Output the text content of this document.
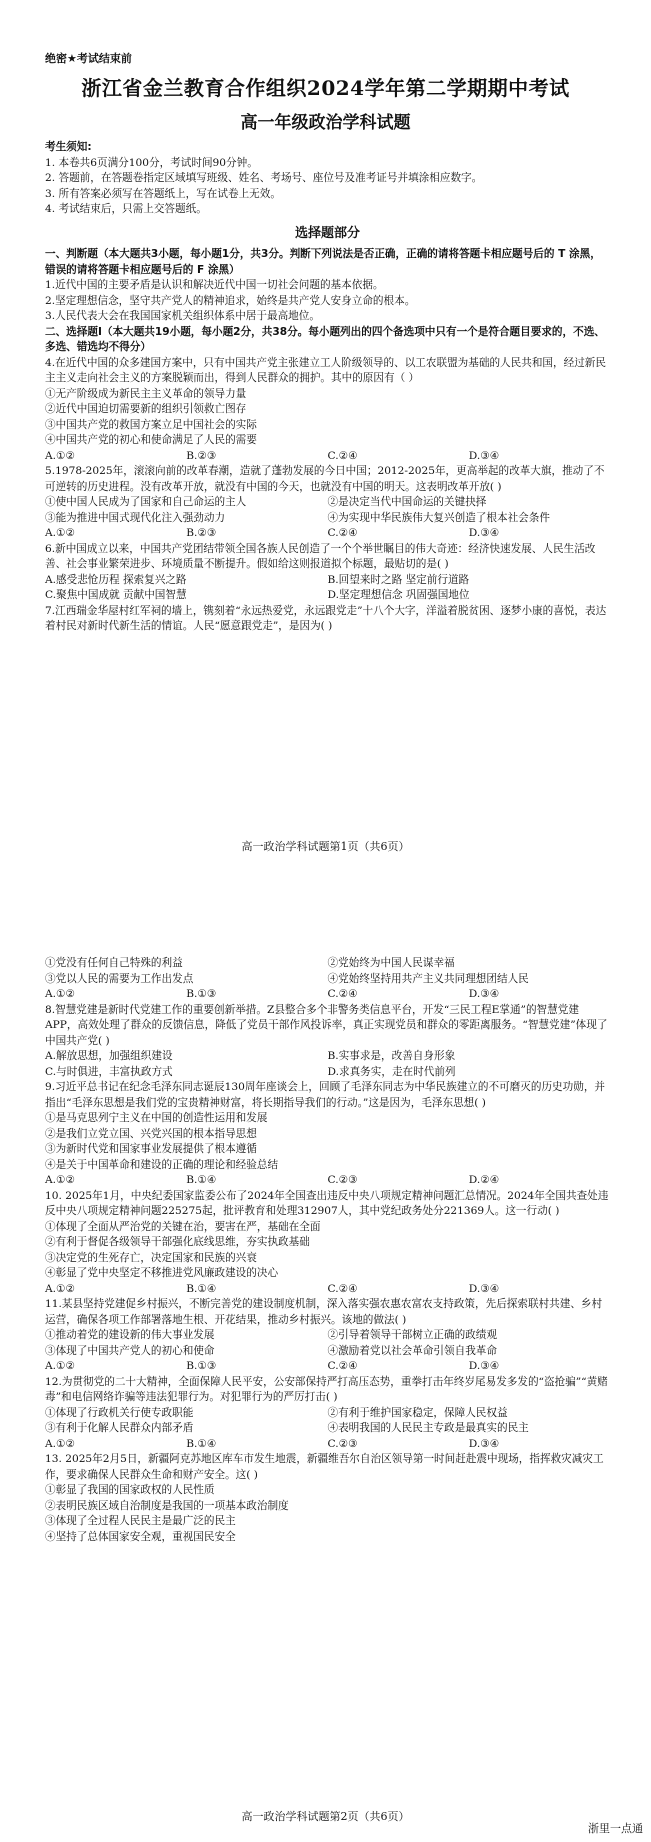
绝密★考试结束前
浙江省金兰教育合作组织2024学年第二学期期中考试
高一年级政治学科试题

考生须知:

1. 本卷共6页满分100分，考试时间90分钟。

2. 答题前，在答题卷指定区域填写班级、姓名、考场号、座位号及准考证号并填涂相应数字。

3. 所有答案必须写在答题纸上，写在试卷上无效。

4. 考试结束后，只需上交答题纸。

选择题部分

一、判断题（本大题共3小题，每小题1分，共3分。判断下列说法是否正确，正确的请将答题卡相应题号后的 T 涂黑，错误的请将答题卡相应题号后的 F 涂黑）

1.近代中国的主要矛盾是认识和解决近代中国一切社会问题的基本依据。

2.坚定理想信念，坚守共产党人的精神追求，始终是共产党人安身立命的根本。

3.人民代表大会在我国国家机关组织体系中居于最高地位。

二、选择题Ⅰ（本大题共19小题，每小题2分，共38分。每小题列出的四个备选项中只有一个是符合题目要求的，不选、多选、错选均不得分）

4.在近代中国的众多建国方案中，只有中国共产党主张建立工人阶级领导的、以工农联盟为基础的人民共和国，经过新民主主义走向社会主义的方案脱颖而出，得到人民群众的拥护。其中的原因有（ ）

①无产阶级成为新民主主义革命的领导力量

②近代中国迫切需要新的组织引领救亡图存

③中国共产党的救国方案立足中国社会的实际

④中国共产党的初心和使命满足了人民的需要

A.①②	B.②③	C.②④	D.③④

5.1978-2025年，滚滚向前的改革春潮，造就了蓬勃发展的今日中国；2012-2025年，更高举起的改革大旗，推动了不可逆转的历史进程。没有改革开放，就没有中国的今天，也就没有中国的明天。这表明改革开放( )

①使中国人民成为了国家和自己命运的主人	②是决定当代中国命运的关键抉择
③能为推进中国式现代化注入强劲动力	④为实现中华民族伟大复兴创造了根本社会条件
A.①②	B.②③	C.②④	D.③④

6.新中国成立以来，中国共产党团结带领全国各族人民创造了一个个举世瞩目的伟大奇迹：经济快速发展、人民生活改善、社会事业繁荣进步、环境质量不断提升。假如给这则报道拟个标题，最贴切的是( )

A.感受悲怆历程 探索复兴之路	B.回望来时之路 坚定前行道路
C.聚焦中国成就 贡献中国智慧	D.坚定理想信念 巩固强国地位

7.江西瑞金华屋村红军祠的墙上，镌刻着“永远热爱党，永远跟党走”十八个大字，洋溢着脱贫困、逐梦小康的喜悦，表达着村民对新时代新生活的情谊。人民“愿意跟党走”，是因为( )

高一政治学科试题第1页（共6页）
①党没有任何自己特殊的利益	②党始终为中国人民谋幸福
③党以人民的需要为工作出发点	④党始终坚持用共产主义共同理想团结人民
A.①②	B.①③	C.②④	D.③④

8.智慧党建是新时代党建工作的重要创新举措。Z县整合多个非警务类信息平台，开发“三民工程E掌通”的智慧党建APP，高效处理了群众的反馈信息，降低了党员干部作风投诉率，真正实现党员和群众的零距离服务。“智慧党建”体现了中国共产党( )

A.解放思想，加强组织建设	B.实事求是，改善自身形象
C.与时俱进，丰富执政方式	D.求真务实，走在时代前列

9.习近平总书记在纪念毛泽东同志诞辰130周年座谈会上，回顾了毛泽东同志为中华民族建立的不可磨灭的历史功勋，并指出“毛泽东思想是我们党的宝贵精神财富，将长期指导我们的行动。”这是因为，毛泽东思想( )

①是马克思列宁主义在中国的创造性运用和发展

②是我们立党立国、兴党兴国的根本指导思想

③为新时代党和国家事业发展提供了根本遵循

④是关于中国革命和建设的正确的理论和经验总结

A.①②	B.①④	C.②③	D.②④

10. 2025年1月，中央纪委国家监委公布了2024年全国查出违反中央八项规定精神问题汇总情况。2024年全国共查处违反中央八项规定精神问题225275起，批评教育和处理312907人，其中党纪政务处分221369人。这一行动( )

①体现了全面从严治党的关键在治，要害在严，基础在全面

②有利于督促各级领导干部强化底线思维，夯实执政基础

③决定党的生死存亡，决定国家和民族的兴衰

④彰显了党中央坚定不移推进党风廉政建设的决心

A.①②	B.①④	C.②④	D.③④

11.某县坚持党建促乡村振兴，不断完善党的建设制度机制，深入落实强农惠农富农支持政策，先后探索联村共建、乡村运营，确保各项工作部署落地生根、开花结果，推动乡村振兴。该地的做法( )

①推动着党的建设新的伟大事业发展	②引导着领导干部树立正确的政绩观
③体现了中国共产党人的初心和使命	④激励着党以社会革命引领自我革命
A.①②	B.①③	C.②④	D.③④

12.为贯彻党的二十大精神，全面保障人民平安，公安部保持严打高压态势，重拳打击年终岁尾易发多发的“盗抢骗”“黄赌毒”和电信网络诈骗等违法犯罪行为。对犯罪行为的严厉打击( )

①体现了行政机关行使专政职能	②有利于维护国家稳定，保障人民权益
③有利于化解人民群众内部矛盾	④表明我国的人民民主专政是最真实的民主
A.①②	B.①④	C.②③	D.③④

13. 2025年2月5日，新疆阿克苏地区库车市发生地震，新疆维吾尔自治区领导第一时间赶赴震中现场，指挥救灾减灾工作，要求确保人民群众生命和财产安全。这( )

①彰显了我国的国家政权的人民性质

②表明民族区域自治制度是我国的一项基本政治制度

③体现了全过程人民民主是最广泛的民主

④坚持了总体国家安全观，重视国民安全

高一政治学科试题第2页（共6页）
浙里一点通
